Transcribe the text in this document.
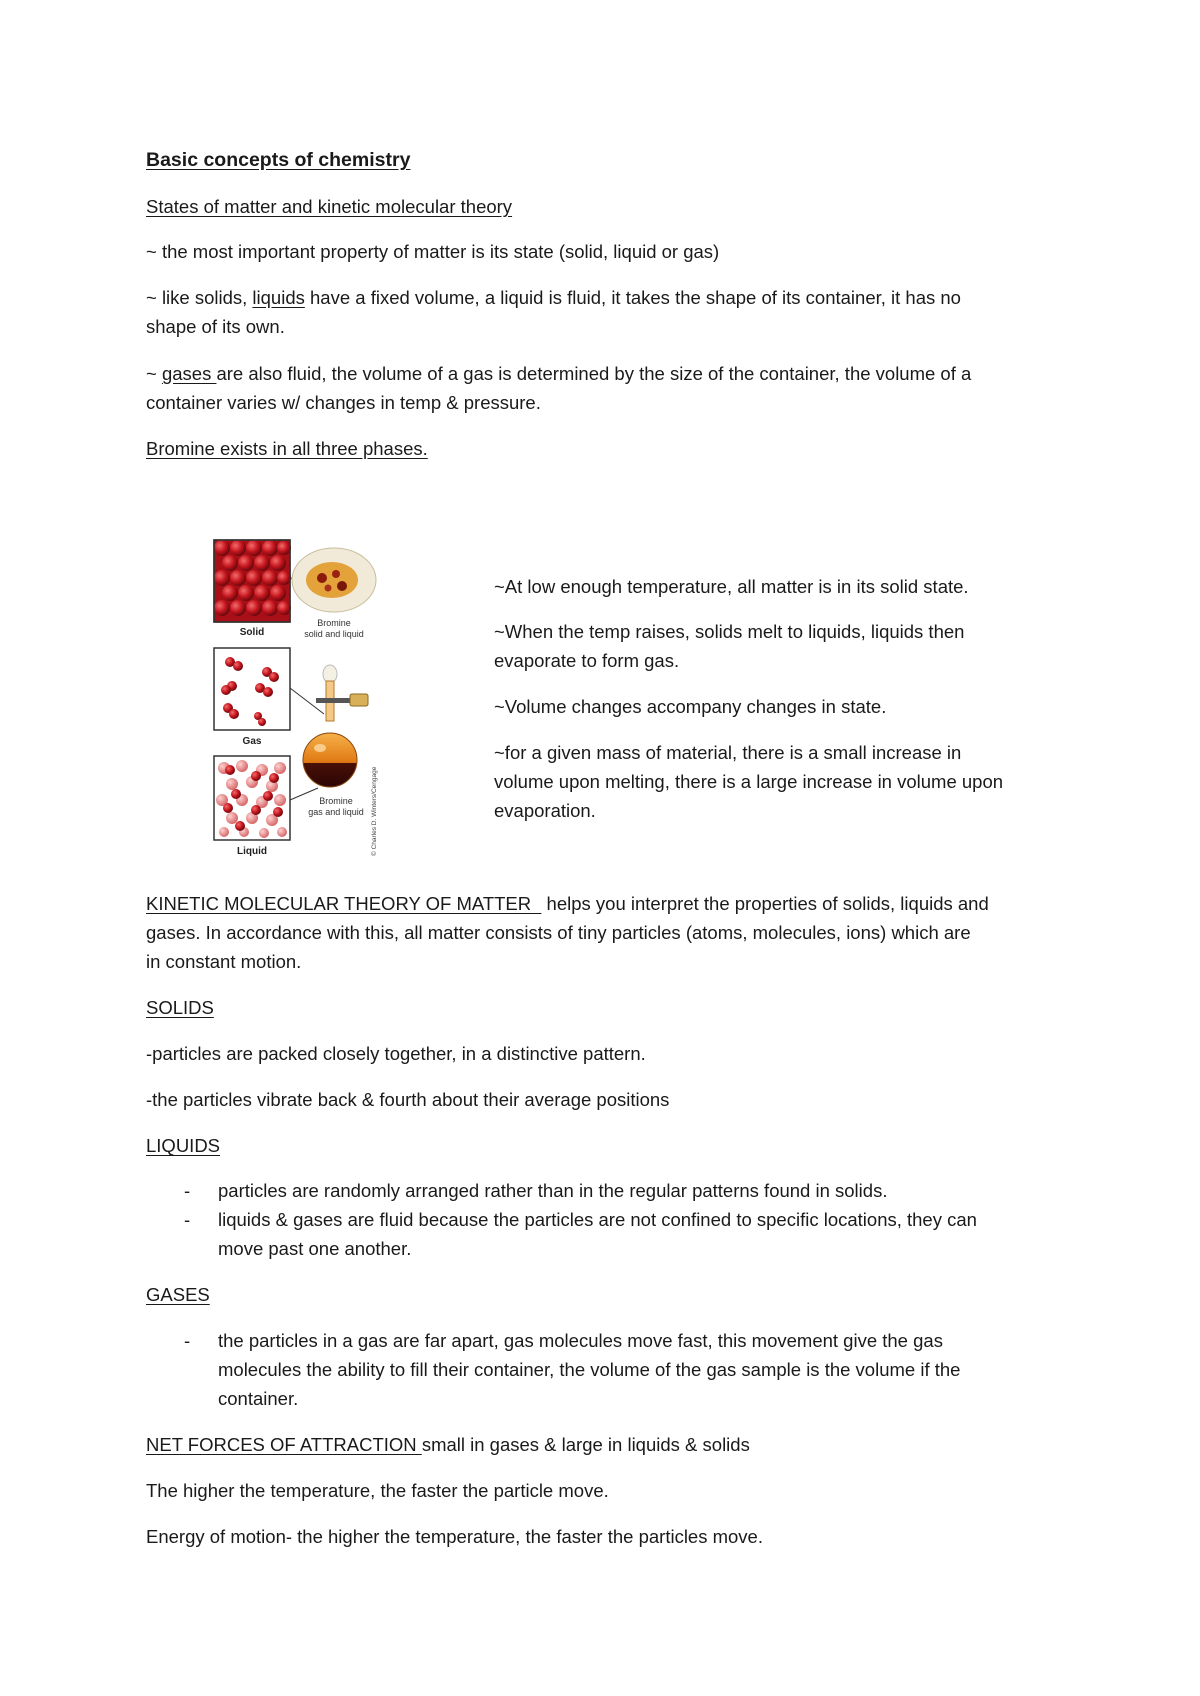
Basic concepts of chemistry

States of matter and kinetic molecular theory

~ the most important property of matter is its state (solid, liquid or gas)

~ like solids, liquids have a fixed volume, a liquid is fluid, it takes the shape of its container, it has no

shape of its own.

~ gases are also fluid, the volume of a gas is determined by the size of the container, the volume of a

container varies w/ changes in temp & pressure.

Bromine exists in all three phases.

Solid
Bromine
solid and liquid
Gas
Liquid
Bromine
gas and liquid © Charles D. Winters/Cengage

~At low enough temperature, all matter is in its solid state.

~When the temp raises, solids melt to liquids, liquids then

evaporate to form gas.

~Volume changes accompany changes in state.

~for a given mass of material, there is a small increase in

volume upon melting, there is a large increase in volume upon

evaporation.

KINETIC MOLECULAR THEORY OF MATTER   helps you interpret the properties of solids, liquids and

gases. In accordance with this, all matter consists of tiny particles (atoms, molecules, ions) which are

in constant motion.

SOLIDS

-particles are packed closely together, in a distinctive pattern.

-the particles vibrate back & fourth about their average positions

LIQUIDS

- particles are randomly arranged rather than in the regular patterns found in solids.

- liquids & gases are fluid because the particles are not confined to specific locations, they can

move past one another.

GASES

- the particles in a gas are far apart, gas molecules move fast, this movement give the gas

molecules the ability to fill their container, the volume of the gas sample is the volume if the

container.

NET FORCES OF ATTRACTION small in gases & large in liquids & solids

The higher the temperature, the faster the particle move.

Energy of motion- the higher the temperature, the faster the particles move.
